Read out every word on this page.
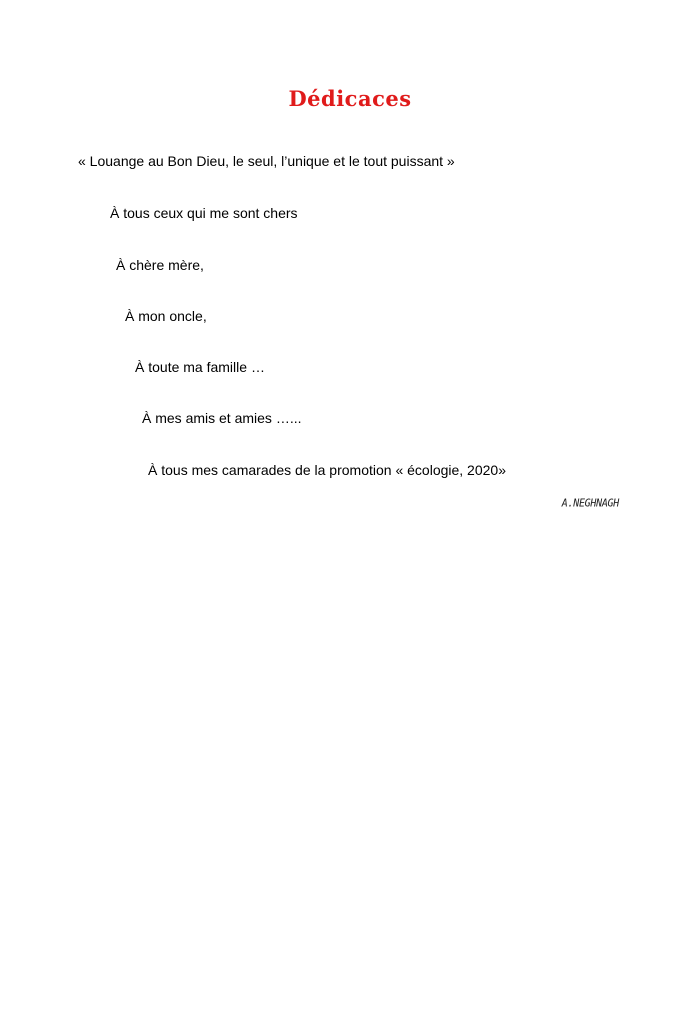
Dédicaces
« Louange au Bon Dieu, le seul, l’unique et le tout puissant »
À tous ceux qui me sont chers
À chère mère,
À mon oncle,
À toute ma famille …
À mes amis et amies …...
À tous mes camarades de la promotion « écologie, 2020»
A.NEGHNAGH
